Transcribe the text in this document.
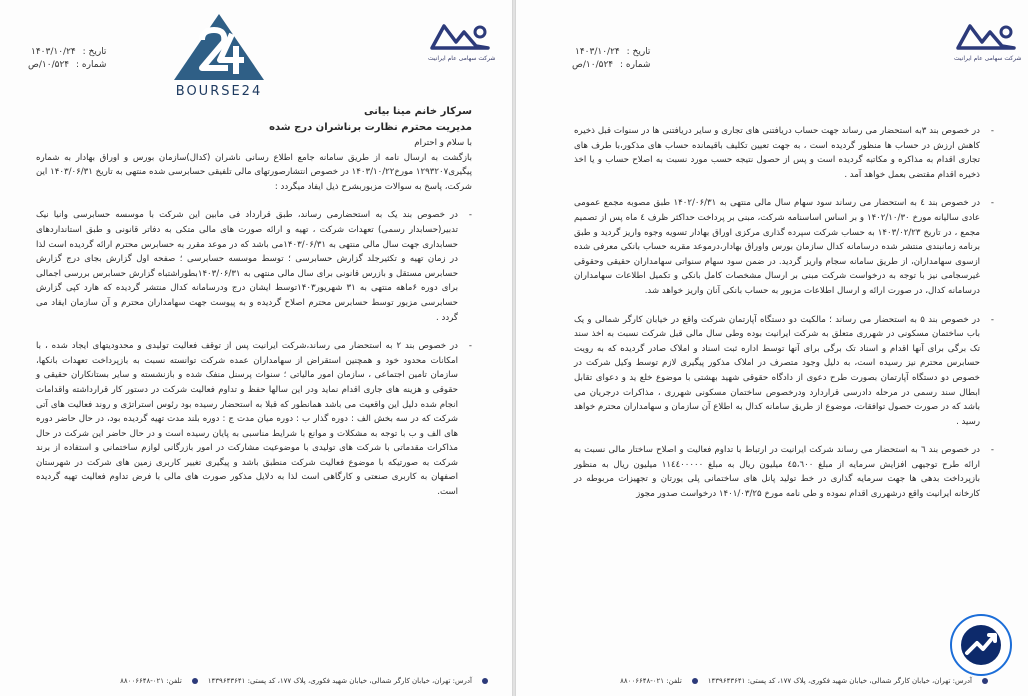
شرکت سهامی عام ایرانیت
تاریخ : ۱۴۰۳/۱۰/۲۴
شماره : ۱۰/۵۲۴/ص
BOURSE24

سرکار خانم مینا بیانی

مدیریت محترم نظارت برناشران درج شده

با سلام و احترام

بازگشت به ارسال نامه از طریق سامانه جامع اطلاع رسانی ناشران (کدال)سازمان بورس و اوراق بهادار به شماره پیگیری۱۲۹۳۲۰۷ مورخ۱۴۰۳/۱۰/۲۲ در خصوص انتشارصورتهای مالی تلفیقی حسابرسی شده منتهی به تاریخ ۱۴۰۳/۰۶/۳۱ این شرکت، پاسخ به سوالات مزبوربشرح ذیل ایفاد میگردد :

- در خصوص بند یک به استحضارمی رساند، طبق قرارداد فی مابین این شرکت با موسسه حسابرسی وانیا نیک تدبیر(حسابدار رسمی) تعهدات شرکت ، تهیه و ارائه صورت های مالی متکی به دفاتر قانونی و طبق استانداردهای حسابداری جهت سال مالی منتهی به ۱۴۰۳/۰۶/۳۱می باشد که در موعد مقرر به حسابرس محترم ارائه گردیده است لذا در زمان تهیه و تکثیرجلد گزارش حسابرسی ؛ توسط موسسه حسابرسی ؛ صفحه اول گزارش بجای درج گزارش حسابرس مستقل و بازرس قانونی برای سال مالی منتهی به ۱۴۰۳/۰۶/۳۱بطوراشتباه گزارش حسابرس بررسی اجمالی برای دوره ۶ماهه منتهی به ۳۱ شهریور۱۴۰۳توسط ایشان درج ودرسامانه کدال منتشر گردیده که هارد کپی گزارش حسابرسی مزبور توسط حسابرس محترم اصلاح گردیده و به پیوست جهت سهامداران محترم و آن سازمان ایفاد می گردد .

- در خصوص بند ۲ به استحضار می رساند،شرکت ایرانیت پس از توقف فعالیت تولیدی و محدودیتهای ایجاد شده ، با امکانات محدود خود و همچنین استقراض از سهامداران عمده شرکت توانسته نسبت به بازپرداخت تعهدات بانکها، سازمان تامین اجتماعی ، سازمان امور مالیاتی ؛ سنوات پرسنل منفک شده و بازنشسته و سایر بستانکاران حقیقی و حقوقی و هزینه های جاری اقدام نماید ودر این سالها حفظ و تداوم فعالیت شرکت در دستور کار قرارداشته واقدامات انجام شده دلیل این واقعیت می باشد همانطور که قبلا به استحضار رسیده بود رئوس استراتژی و روند فعالیت های آتی شرکت که در سه بخش الف : دوره گذار ب : دوره میان مدت ج : دوره بلند مدت تهیه گردیده بود، در حال حاضر دوره های الف و ب با توجه به مشکلات و موانع با شرایط مناسبی به پایان رسیده است و در حال حاضر این شرکت در حال مذاکرات مقدماتی با شرکت های تولیدی با موضوعیت مشارکت در امور بازرگانی لوازم ساختمانی و استفاده از برند شرکت به صورتیکه با موضوع فعالیت شرکت منطبق باشد و پیگیری تغییر کاربری زمین های شرکت در شهرستان اصفهان به کاربری صنعتی و کارگاهی است لذا به دلایل مذکور صورت های مالی با فرض تداوم فعالیت تهیه گردیده است.

آدرس: تهران، خیابان کارگر شمالی، خیابان شهید فکوری، پلاک ۱۷۷، کد پستی: ۱۴۳۹۶۴۳۶۴۱
تلفن: ۰۲۱-۸۸۰۰۶۶۴۸
شرکت سهامی عام ایرانیت
تاریخ : ۱۴۰۳/۱۰/۲۴
شماره : ۱۰/۵۲۴/ص

- در خصوص بند ۳به استحضار می رساند جهت حساب دریافتنی های تجاری و سایر دریافتنی ها در سنوات قبل ذخیره کاهش ارزش در حساب ها منظور گردیده است ، به جهت تعیین تکلیف باقیمانده حساب های مذکور،با طرف های تجاری اقدام به مذاکره و مکاتبه گردیده است و پس از حصول نتیجه حسب مورد نسبت به اصلاح حساب و یا اخذ ذخیره اقدام مقتضی بعمل خواهد آمد .

- در خصوص بند ٤ به استحضار می رساند سود سهام سال مالی منتهی به ۱۴۰۲/۰۶/۳۱ طبق مصوبه مجمع عمومی عادی سالیانه مورخ ۱۴۰۲/۱۰/۳۰ و بر اساس اساسنامه شرکت، مبنی بر پرداخت حداکثر ظرف ٤ ماه پس از تصمیم مجمع ، در تاریخ ۱۴۰۳/۰۲/۲۳ به حساب شرکت سپرده گذاری مرکزی اوراق بهادار تسویه وجوه واریز گردید و طبق برنامه زمانبندی منتشر شده درسامانه کدال سازمان بورس واوراق بهادار،درموعد مقربه حساب بانکی معرفی شده ازسوی سهامداران، از طریق سامانه سجام واریز گردید. در ضمن سود سهام سنواتی سهامداران حقیقی وحقوقی غیرسجامی نیز با توجه به درخواست شرکت مبنی بر ارسال مشخصات کامل بانکی و تکمیل اطلاعات سهامداران درسامانه کدال، در صورت ارائه و ارسال اطلاعات مزبور به حساب بانکی آنان واریز خواهد شد.

- در خصوص بند ۵ به استحضار می رساند ؛ مالکیت دو دستگاه آپارتمان شرکت واقع در خیابان کارگر شمالی و یک باب ساختمان مسکونی در شهرری متعلق به شرکت ایرانیت بوده وطی سال مالی قبل شرکت نسبت به اخذ سند تک برگی برای آنها اقدام و اسناد تک برگی برای آنها توسط اداره ثبت اسناد و املاک صادر گردیده که به رویت حسابرس محترم نیز رسیده است، به دلیل وجود متصرف در املاک مذکور پیگیری لازم توسط وکیل شرکت در خصوص دو دستگاه آپارتمان بصورت طرح دعوی از دادگاه حقوقی شهید بهشتی با موضوع خلع ید و دعوای تقابل ابطال سند رسمی در مرحله دادرسی قراردارد ودرخصوص ساختمان مسکونی شهرری ، مذاکرات درجریان می باشد که در صورت حصول توافقات، موضوع از طریق سامانه کدال به اطلاع آن سازمان و سهامداران محترم خواهد رسید .

- در خصوص بند ٦ به استحضار می رساند شرکت ایرانیت در ارتباط با تداوم فعالیت و اصلاح ساختار مالی نسبت به ارائه طرح توجیهی افزایش سرمایه از مبلغ ٤۵،٦۰۰ میلیون ریال به مبلغ ۱۱٤٤۰۰۰۰۰ میلیون ریال به منظور بازپرداخت بدهی ها جهت سرمایه گذاری در خط تولید پانل های ساختمانی پلی یورتان و تجهیزات مربوطه در کارخانه ایرانیت واقع درشهرری اقدام نموده و طی نامه مورخ ۱۴۰۱/۰۳/۲۵ درخواست صدور مجوز

آدرس: تهران، خیابان کارگر شمالی، خیابان شهید فکوری، پلاک ۱۷۷، کد پستی: ۱۴۳۹۶۴۳۶۴۱
تلفن: ۰۲۱-۸۸۰۰۶۶۴۸
